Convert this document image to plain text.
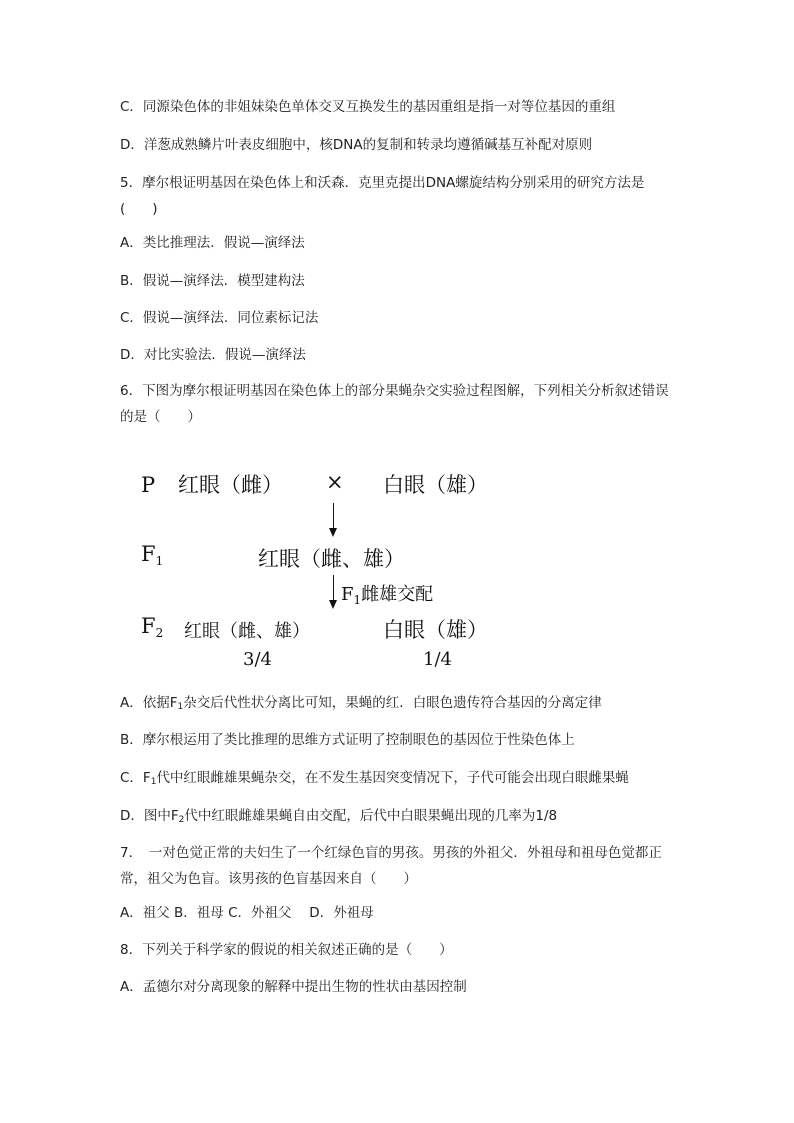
C．同源染色体的非姐妹染色单体交叉互换发生的基因重组是指一对等位基因的重组
D．洋葱成熟鳞片叶表皮细胞中，核DNA的复制和转录均遵循碱基互补配对原则
5．摩尔根证明基因在染色体上和沃森．克里克提出DNA螺旋结构分别采用的研究方法是(　　)
A．类比推理法．假说—演绎法
B．假说—演绎法．模型建构法
C．假说—演绎法．同位素标记法
D．对比实验法．假说—演绎法
6．下图为摩尔根证明基因在染色体上的部分果蝇杂交实验过程图解，下列相关分析叙述错误的是（　　）
P 红眼（雌） × 白眼（雄）
F1	红眼（雌、雄）
$F_1$雌雄交配
F2 红眼（雌、雄）	白眼（雄）
3/4	1/4
A．依据$F_1$杂交后代性状分离比可知，果蝇的红．白眼色遗传符合基因的分离定律
B．摩尔根运用了类比推理的思维方式证明了控制眼色的基因位于性染色体上
C．$F_1$代中红眼雌雄果蝇杂交，在不发生基因突变情况下，子代可能会出现白眼雌果蝇
D．图中$F_2$代中红眼雌雄果蝇自由交配，后代中白眼果蝇出现的几率为1/8
7．　一对色觉正常的夫妇生了一个红绿色盲的男孩。男孩的外祖父．外祖母和祖母色觉都正常，祖父为色盲。该男孩的色盲基因来自（　　）
A．祖父 B．祖母 C．外祖父　 D．外祖母
8．下列关于科学家的假说的相关叙述正确的是（　　）
A．孟德尔对分离现象的解释中提出生物的性状由基因控制
